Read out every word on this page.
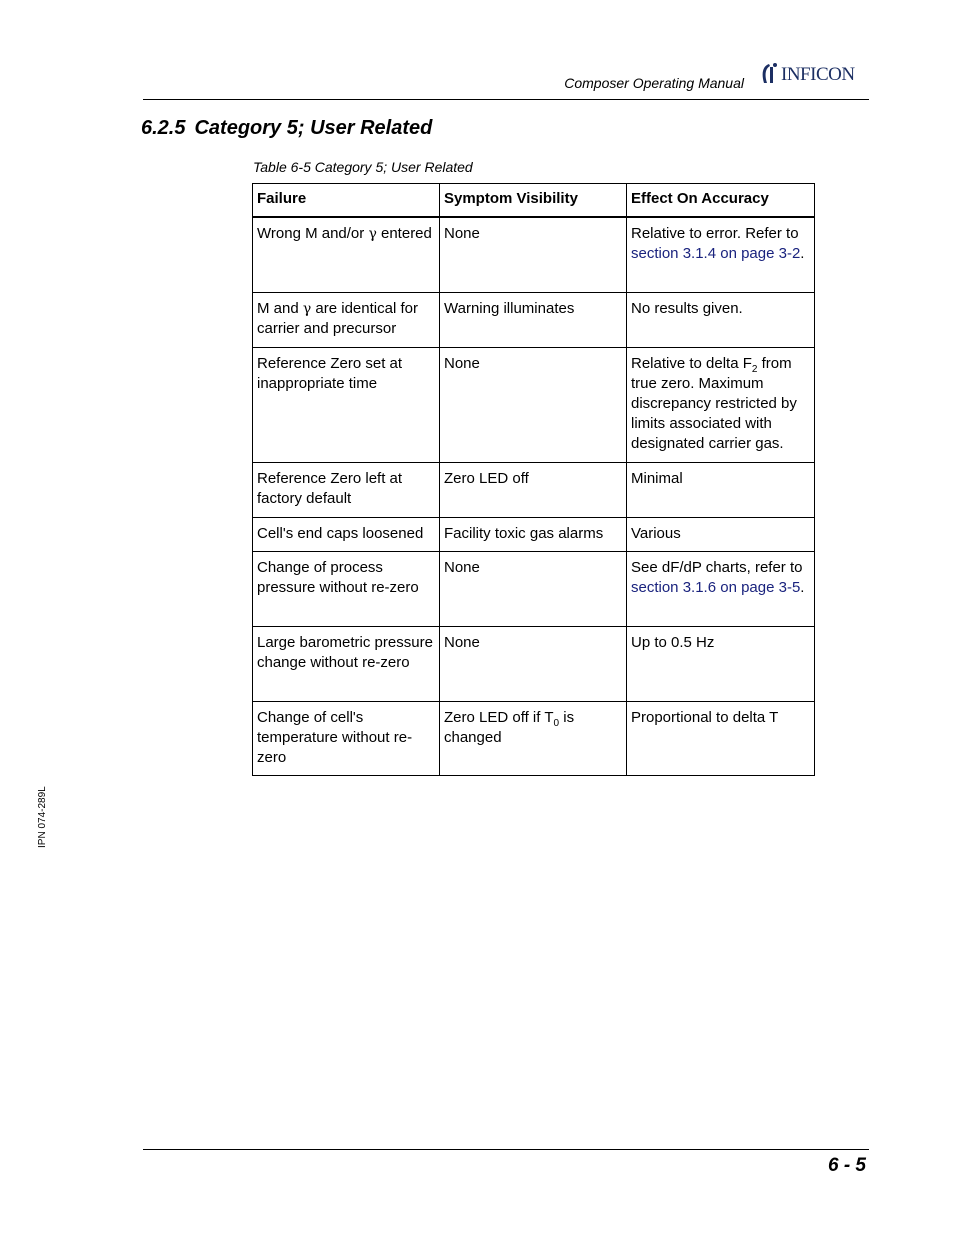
Composer Operating Manual INFICON
6.2.5 Category 5; User Related
Table 6-5 Category 5; User Related
Failure	Symptom Visibility	Effect On Accuracy
Wrong M and/or γ entered	None	Relative to error. Refer to section 3.1.4 on page 3-2.
M and γ are identical for carrier and precursor	Warning illuminates	No results given.
Reference Zero set at inappropriate time	None	Relative to delta $F_2$ from true zero. Maximum discrepancy restricted by limits associated with designated carrier gas.
Reference Zero left at factory default	Zero LED off	Minimal
Cell's end caps loosened	Facility toxic gas alarms	Various
Change of process pressure without re-zero	None	See dF/dP charts, refer to section 3.1.6 on page 3-5.
Large barometric pressure change without re-zero	None	Up to 0.5 Hz
Change of cell's temperature without re-zero	Zero LED off if $T_0$ is changed	Proportional to delta T
IPN 074-289L
6 - 5
